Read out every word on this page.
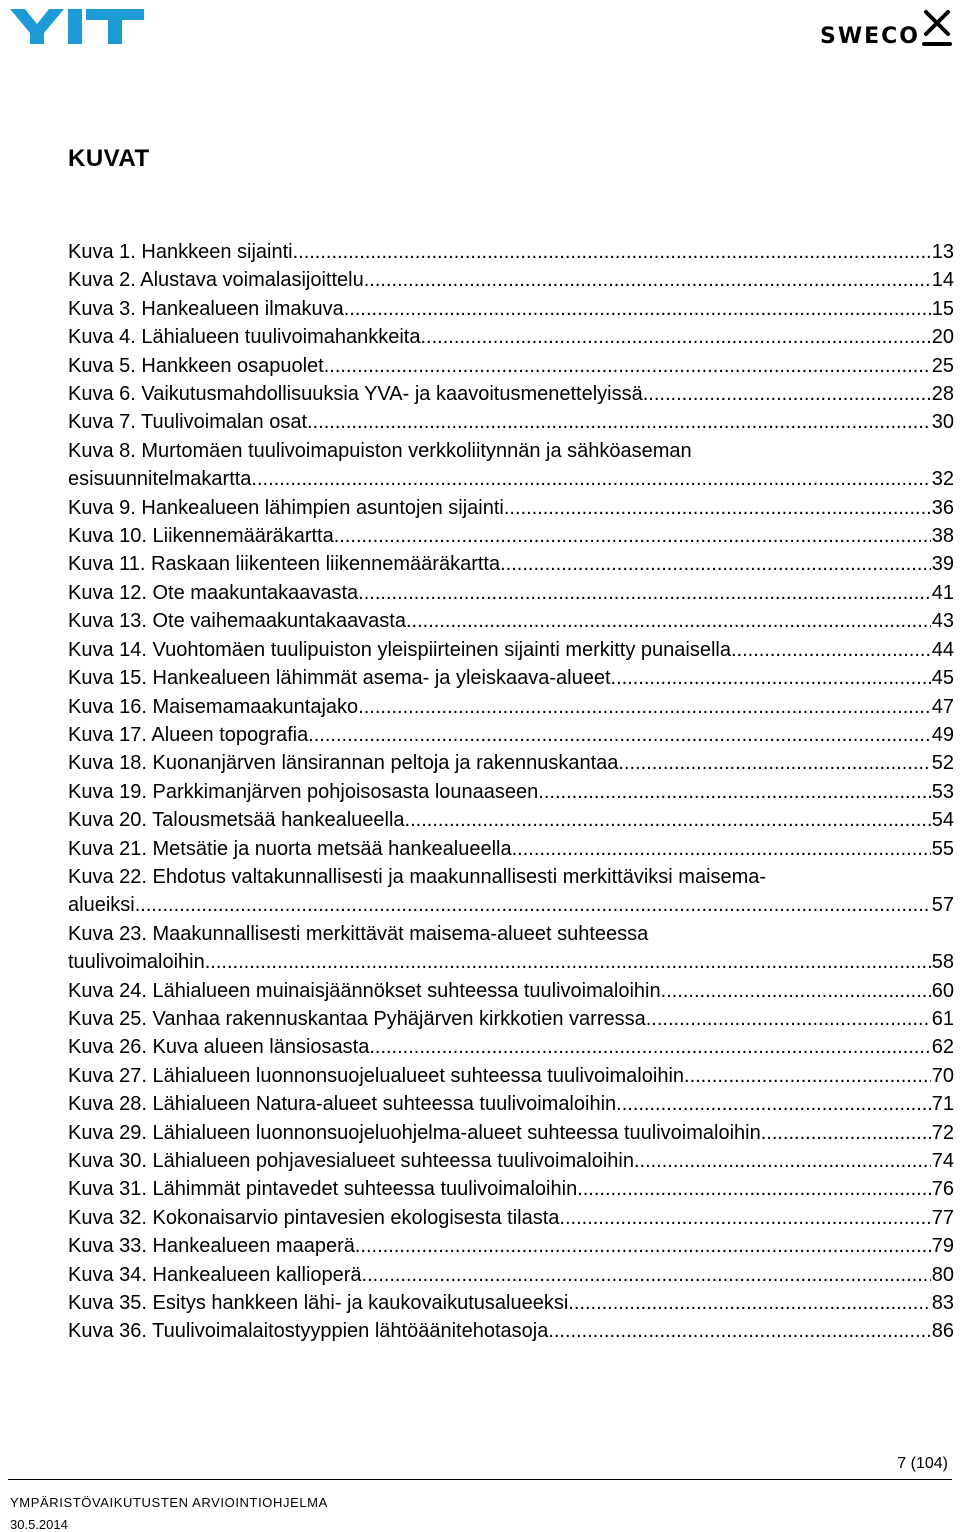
SWECO
KUVAT
Kuva 1. Hankkeen sijainti. .....	13
Kuva 2. Alustava voimalasijoittelu. .....	14
Kuva 3. Hankealueen ilmakuva. .....	15
Kuva 4. Lähialueen tuulivoimahankkeita. .....	20
Kuva 5. Hankkeen osapuolet. .....	25
Kuva 6. Vaikutusmahdollisuuksia YVA- ja kaavoitusmenettelyissä. .....	28
Kuva 7. Tuulivoimalan osat .....	30
Kuva 8. Murtomäen tuulivoimapuiston verkkoliitynnän ja sähköaseman
esisuunnitelmakartta. .....	32
Kuva 9. Hankealueen lähimpien asuntojen sijainti. .....	36
Kuva 10. Liikennemääräkartta .....	38
Kuva 11. Raskaan liikenteen liikennemääräkartta .....	39
Kuva 12. Ote maakuntakaavasta. .....	41
Kuva 13. Ote vaihemaakuntakaavasta. .....	43
Kuva 14. Vuohtomäen tuulipuiston yleispiirteinen sijainti merkitty punaisella .....	44
Kuva 15. Hankealueen lähimmät asema- ja yleiskaava-alueet. .....	45
Kuva 16. Maisemamaakuntajako. .....	47
Kuva 17. Alueen topografia. .....	49
Kuva 18. Kuonanjärven länsirannan peltoja ja rakennuskantaa .....	52
Kuva 19. Parkkimanjärven pohjoisosasta lounaaseen .....	53
Kuva 20. Talousmetsää hankealueella .....	54
Kuva 21. Metsätie ja nuorta metsää hankealueella .....	55
Kuva 22. Ehdotus valtakunnallisesti ja maakunnallisesti merkittäviksi maisema-
alueiksi .....	57
Kuva 23. Maakunnallisesti merkittävät maisema-alueet suhteessa
tuulivoimaloihin. .....	58
Kuva 24. Lähialueen muinaisjäännökset suhteessa tuulivoimaloihin. .....	60
Kuva 25. Vanhaa rakennuskantaa Pyhäjärven kirkkotien varressa .....	61
Kuva 26. Kuva alueen länsiosasta .....	62
Kuva 27. Lähialueen luonnonsuojelualueet suhteessa tuulivoimaloihin. .....	70
Kuva 28. Lähialueen Natura-alueet suhteessa tuulivoimaloihin. .....	71
Kuva 29. Lähialueen luonnonsuojeluohjelma-alueet suhteessa tuulivoimaloihin. .....	72
Kuva 30. Lähialueen pohjavesialueet suhteessa tuulivoimaloihin. .....	74
Kuva 31. Lähimmät pintavedet suhteessa tuulivoimaloihin. .....	76
Kuva 32. Kokonaisarvio pintavesien ekologisesta tilasta. .....	77
Kuva 33. Hankealueen maaperä. .....	79
Kuva 34. Hankealueen kallioperä. .....	80
Kuva 35. Esitys hankkeen lähi- ja kaukovaikutusalueeksi. .....	83
Kuva 36. Tuulivoimalaitostyyppien lähtöäänitehotasoja. .....	86
7 (104)
YMPÄRISTÖVAIKUTUSTEN ARVIOINTIOHJELMA
30.5.2014
